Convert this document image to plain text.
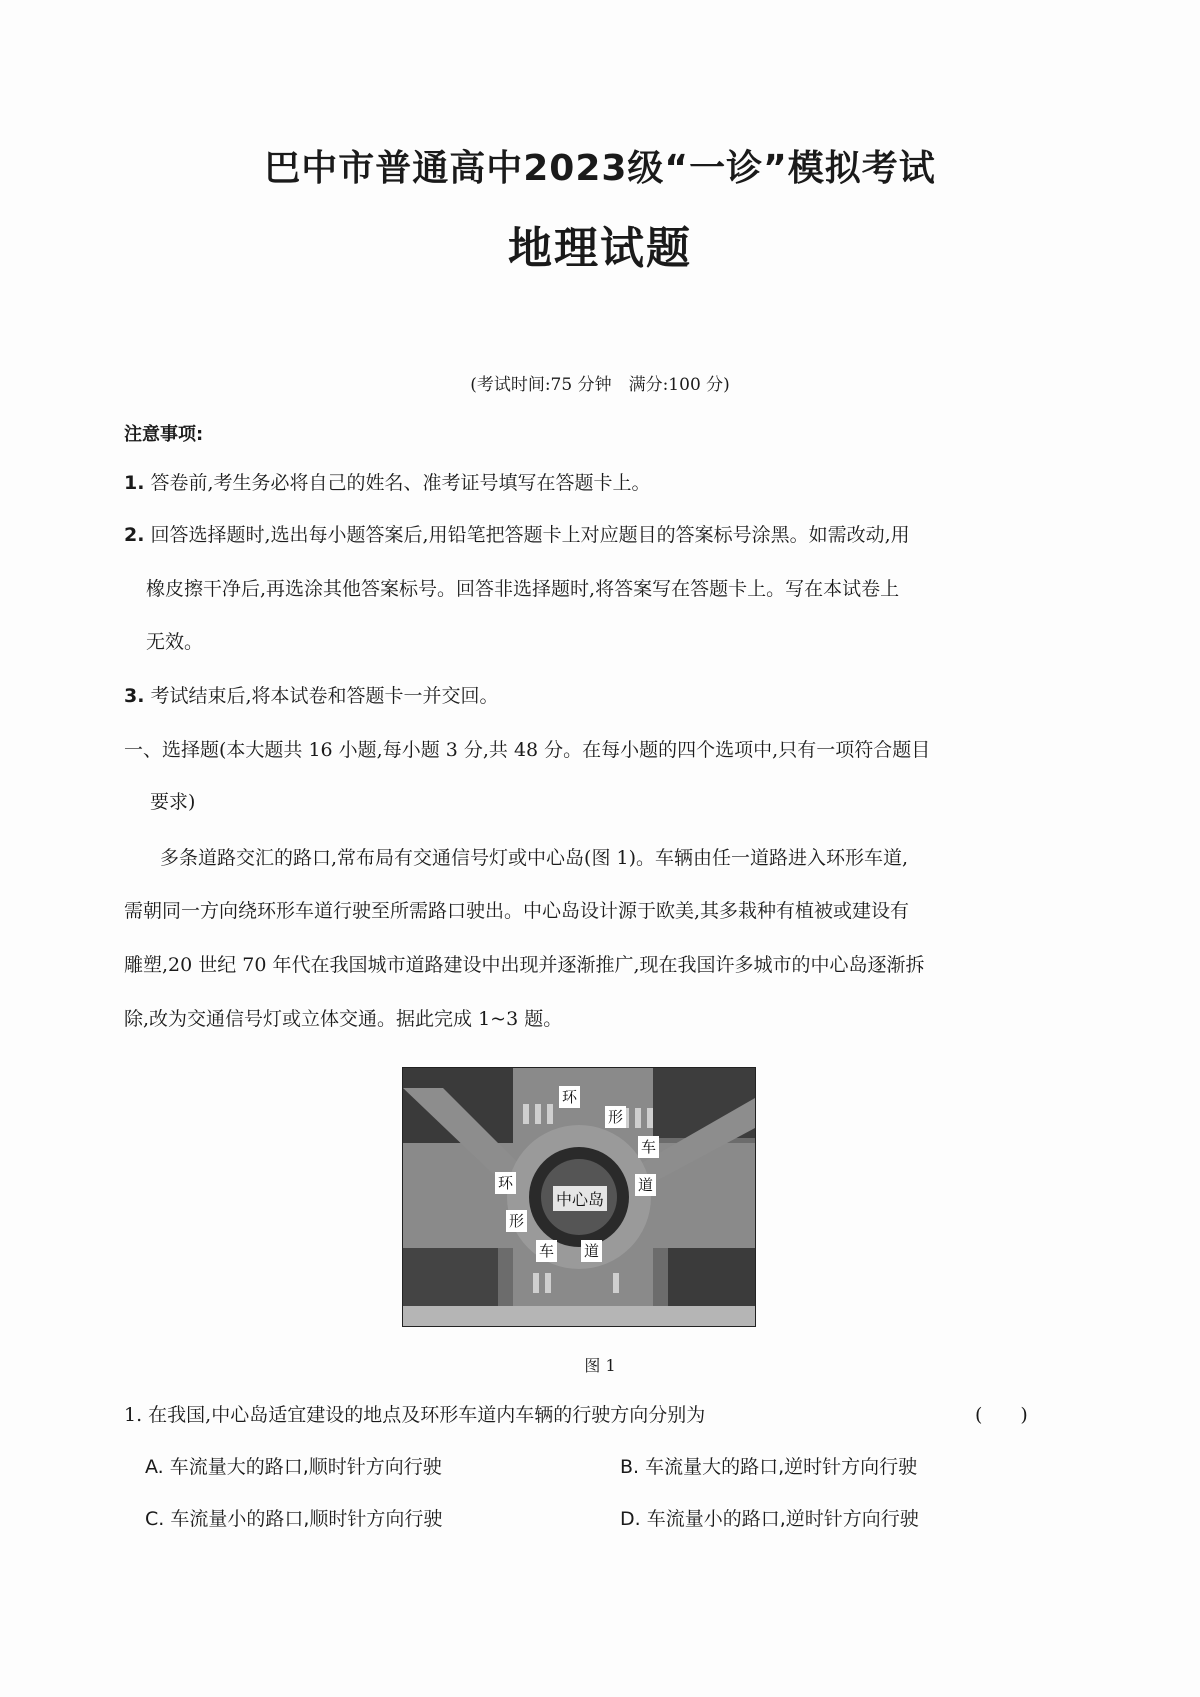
巴中市普通高中2023级“一诊”模拟考试
地理试题
(考试时间:75 分钟　满分:100 分)
注意事项:
1. 答卷前,考生务必将自己的姓名、准考证号填写在答题卡上。
2. 回答选择题时,选出每小题答案后,用铅笔把答题卡上对应题目的答案标号涂黑。如需改动,用
橡皮擦干净后,再选涂其他答案标号。回答非选择题时,将答案写在答题卡上。写在本试卷上
无效。
3. 考试结束后,将本试卷和答题卡一并交回。
一、选择题(本大题共 16 小题,每小题 3 分,共 48 分。在每小题的四个选项中,只有一项符合题目
要求)
多条道路交汇的路口,常布局有交通信号灯或中心岛(图 1)。车辆由任一道路进入环形车道,
需朝同一方向绕环形车道行驶至所需路口驶出。中心岛设计源于欧美,其多栽种有植被或建设有
雕塑,20 世纪 70 年代在我国城市道路建设中出现并逐渐推广,现在我国许多城市的中心岛逐渐拆
除,改为交通信号灯或立体交通。据此完成 1~3 题。
中心岛
环
形
车
道
环
形
车 道
图 1
1. 在我国,中心岛适宜建设的地点及环形车道内车辆的行驶方向分别为	(　　)
A. 车流量大的路口,顺时针方向行驶	B. 车流量大的路口,逆时针方向行驶
C. 车流量小的路口,顺时针方向行驶	D. 车流量小的路口,逆时针方向行驶
